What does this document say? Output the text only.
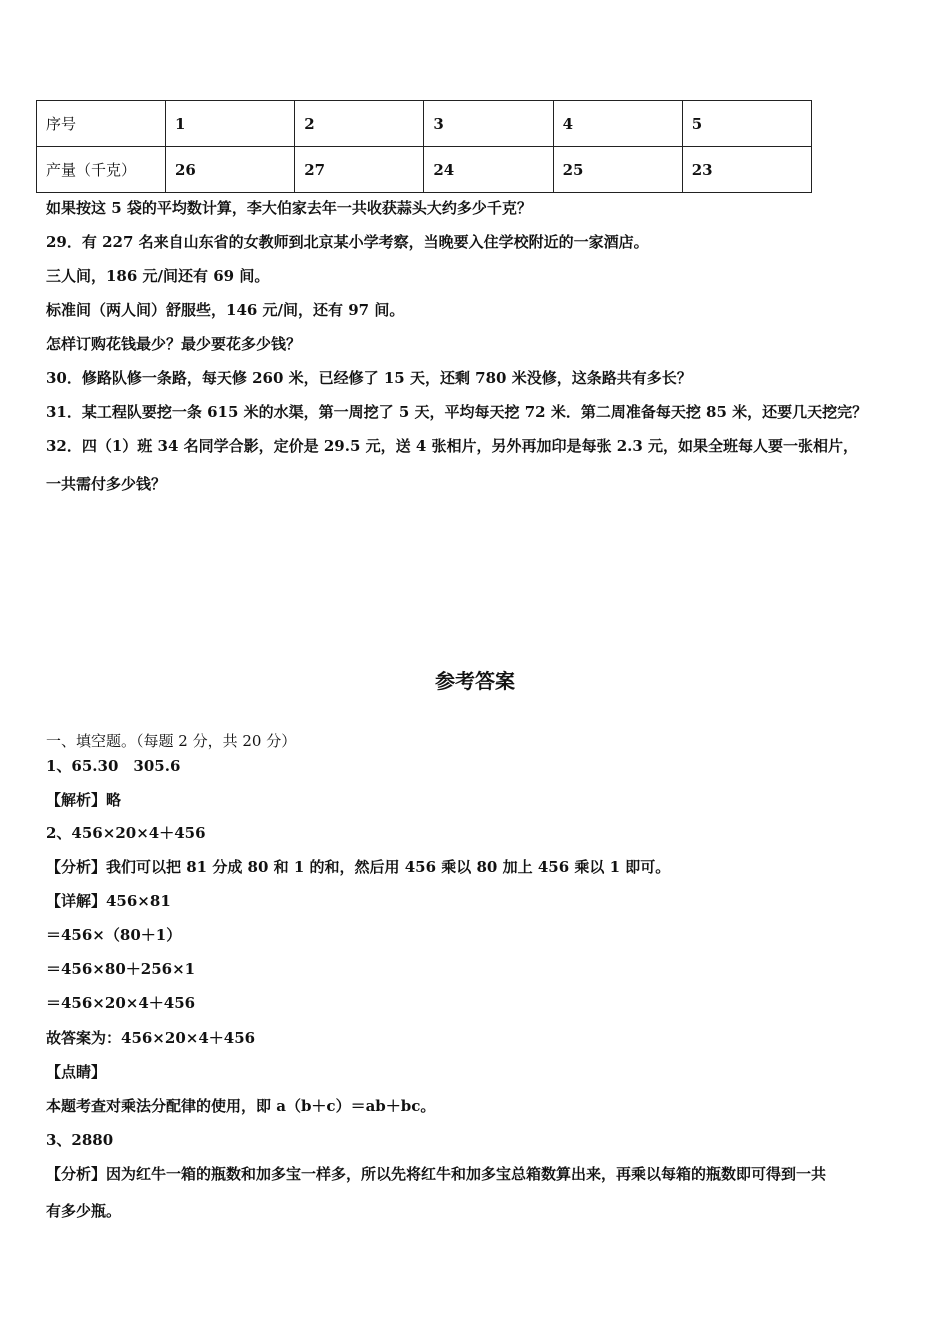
序号	1	2	3	4	5
产量（千克）	26	27	24	25	23
如果按这 5 袋的平均数计算，李大伯家去年一共收获蒜头大约多少千克？
29．有 227 名来自山东省的女教师到北京某小学考察，当晚要入住学校附近的一家酒店。
三人间，186 元/间还有 69 间。
标准间（两人间）舒服些，146 元/间，还有 97 间。
怎样订购花钱最少？最少要花多少钱？
30．修路队修一条路，每天修 260 米，已经修了 15 天，还剩 780 米没修，这条路共有多长？
31．某工程队要挖一条 615 米的水渠，第一周挖了 5 天，平均每天挖 72 米．第二周准备每天挖 85 米，还要几天挖完？
32．四（1）班 34 名同学合影，定价是 29.5 元，送 4 张相片，另外再加印是每张 2.3 元，如果全班每人要一张相片，
一共需付多少钱？
参考答案
一、填空题。（每题 2 分，共 20 分）
1、65.30　305.6
【解析】略
2、456×20×4＋456
【分析】我们可以把 81 分成 80 和 1 的和，然后用 456 乘以 80 加上 456 乘以 1 即可。
【详解】456×81
＝456×（80＋1）
＝456×80＋256×1
＝456×20×4＋456
故答案为：456×20×4＋456
【点睛】
本题考查对乘法分配律的使用，即 a（b＋c）＝ab＋bc。
3、2880
【分析】因为红牛一箱的瓶数和加多宝一样多，所以先将红牛和加多宝总箱数算出来，再乘以每箱的瓶数即可得到一共
有多少瓶。
